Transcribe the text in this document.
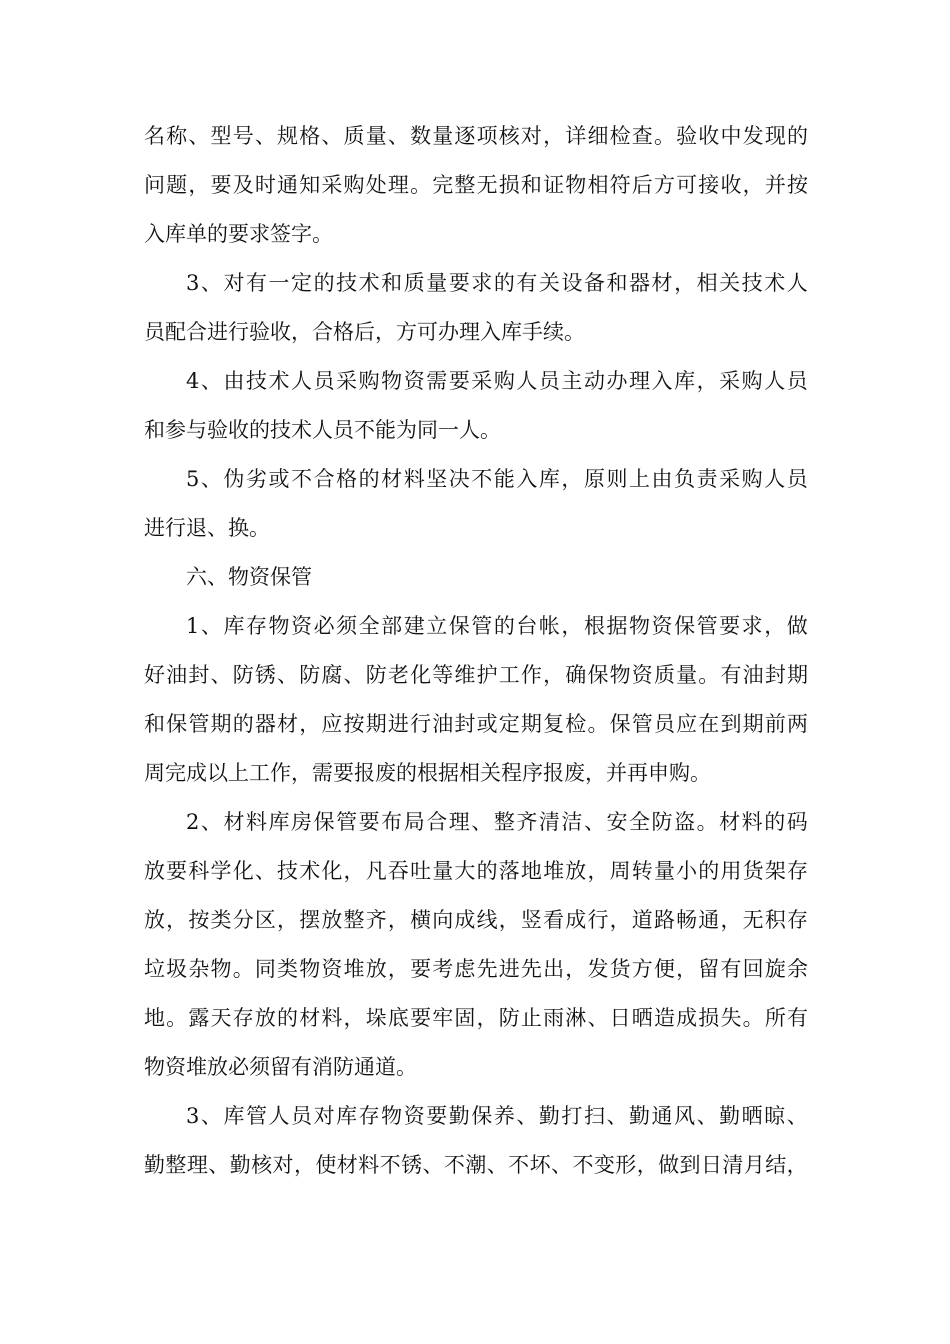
名 称 、 型 号 、 规 格 、 质 量 、 数 量 逐 项 核 对 ， 详 细 检 查 。 验 收 中 发 现 的
问 题 ， 要 及 时 通 知 采 购 处 理 。 完 整 无 损 和 证 物 相 符 后 方 可 接 收 ， 并 按
入库单的要求签字。
3 、 对 有 一 定 的 技 术 和 质 量 要 求 的 有 关 设 备 和 器 材 ， 相 关 技 术 人
员配合进行验收，合格后，方可办理入库手续。
4 、 由 技 术 人 员 采 购 物 资 需 要 采 购 人 员 主 动 办 理 入 库 ， 采 购 人 员
和参与验收的技术人员不能为同一人。
5 、 伪 劣 或 不 合 格 的 材 料 坚 决 不 能 入 库 ， 原 则 上 由 负 责 采 购 人 员
进行退、换。
六、物资保管
1 、 库 存 物 资 必 须 全 部 建 立 保 管 的 台 帐 ， 根 据 物 资 保 管 要 求 ， 做
好 油 封 、 防 锈 、 防 腐 、 防 老 化 等 维 护 工 作 ， 确 保 物 资 质 量 。 有 油 封 期
和 保 管 期 的 器 材 ， 应 按 期 进 行 油 封 或 定 期 复 检 。 保 管 员 应 在 到 期 前 两
周完成以上工作，需要报废的根据相关程序报废，并再申购。
2 、 材 料 库 房 保 管 要 布 局 合 理 、 整 齐 清 洁 、 安 全 防 盗 。 材 料 的 码
放 要 科 学 化 、 技 术 化 ， 凡 吞 吐 量 大 的 落 地 堆 放 ， 周 转 量 小 的 用 货 架 存
放 ， 按 类 分 区 ， 摆 放 整 齐 ， 横 向 成 线 ， 竖 看 成 行 ， 道 路 畅 通 ， 无 积 存
垃 圾 杂 物 。 同 类 物 资 堆 放 ， 要 考 虑 先 进 先 出 ， 发 货 方 便 ， 留 有 回 旋 余
地 。 露 天 存 放 的 材 料 ， 垛 底 要 牢 固 ， 防 止 雨 淋 、 日 晒 造 成 损 失 。 所 有
物资堆放必须留有消防通道。
3 、 库 管 人 员 对 库 存 物 资 要 勤 保 养 、 勤 打 扫 、 勤 通 风 、 勤 晒 晾 、
勤 整 理 、 勤 核 对 ， 使 材 料 不 锈 、 不 潮 、 不 坏 、 不 变 形 ， 做 到 日 清 月 结 ，
